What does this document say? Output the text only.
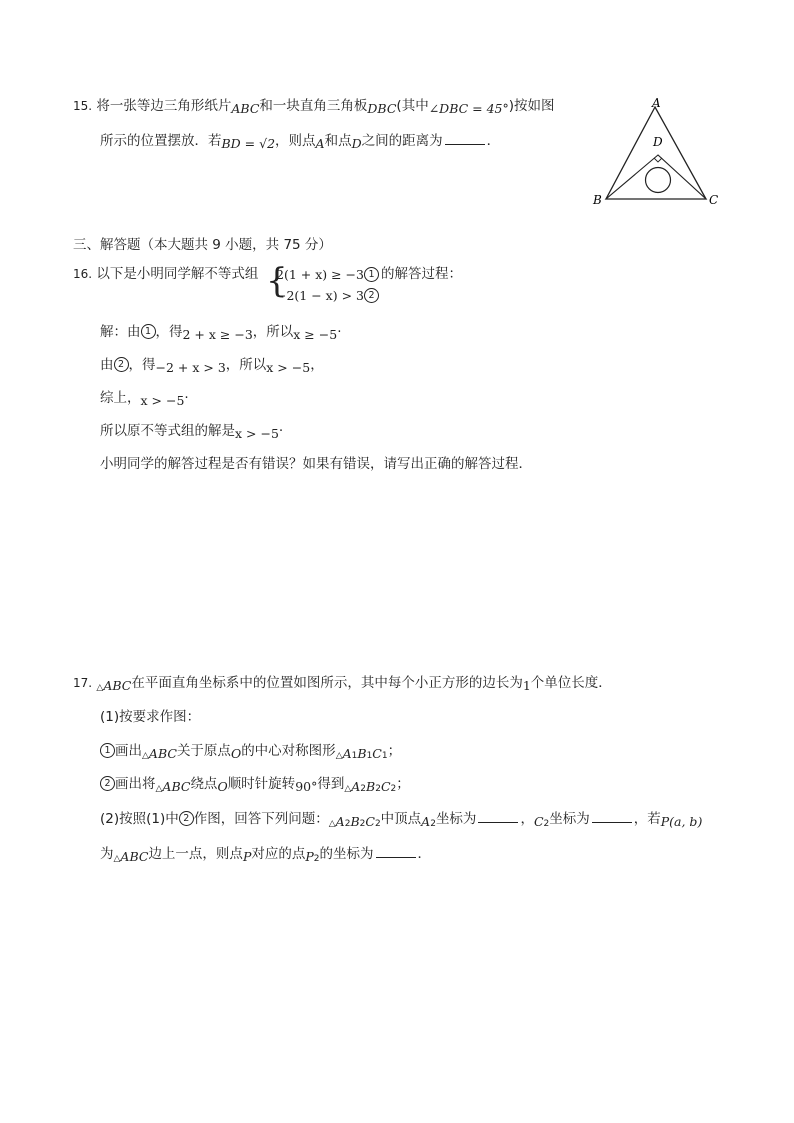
15. 将一张等边三角形纸片ABC和一块直角三角板DBC(其中∠DBC = 45°)按如图
所示的位置摆放．若BD = √2，则点A和点D之间的距离为	．
A
D
B	C
三、解答题（本大题共 9 小题，共 75 分）
16. 以下是小明同学解不等式组 {
2(1 + x) ≥ −3 1
−2(1 − x) > 3 2
的解答过程：
解：由 1 ，得2 + x ≥ −3，所以x ≥ −5·
由 2 ，得−2 + x > 3，所以x > −5，
综上，x > −5·
所以原不等式组的解是x > −5·
小明同学的解答过程是否有错误？如果有错误，请写出正确的解答过程．
17. $_\triangle$ABC在平面直角坐标系中的位置如图所示，其中每个小正方形的边长为1个单位长度．
(1)按要求作图：
1 画出$_\triangle$ABC关于原点O的中心对称图形$_\triangle A_1B_1C_1$；
2 画出将$_\triangle$ABC绕点O顺时针旋转90°得到$_\triangle A_2B_2C_2$；
(2)按照(1)中 2 作图，回答下列问题：$_\triangle A_2B_2C_2$中顶点$A_2$坐标为	，$C_2$坐标为	，若P(a, b)
为$_\triangle$ABC边上一点，则点P对应的点$P_2$的坐标为	．
